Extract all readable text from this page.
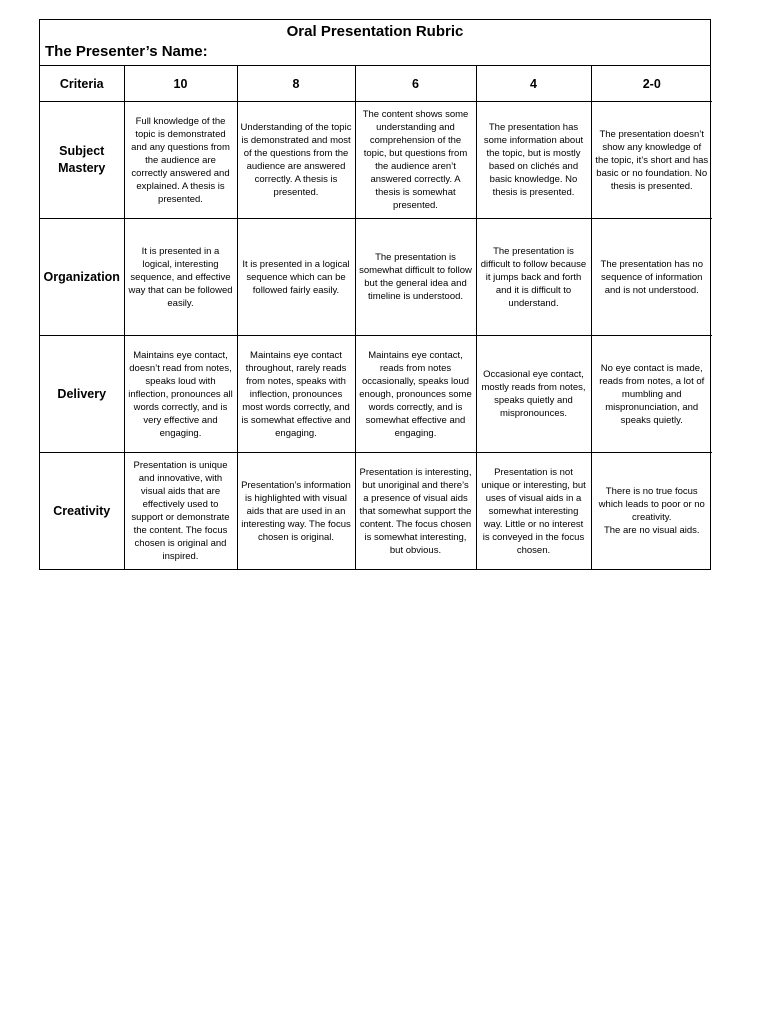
Oral Presentation Rubric
The Presenter’s Name:
Criteria	10	8	6	4	2-0
Subject Mastery	Full knowledge of the topic is demonstrated and any questions from the audience are correctly answered and explained. A thesis is presented.	Understanding of the topic is demonstrated and most of the questions from the audience are answered correctly. A thesis is presented.	The content shows some understanding and comprehension of the topic, but questions from the audience aren’t answered correctly. A thesis is somewhat presented.	The presentation has some information about the topic, but is mostly based on clichés and basic knowledge. No thesis is presented.	The presentation doesn’t show any knowledge of the topic, it’s short and has basic or no foundation. No thesis is presented.
Organization	It is presented in a logical, interesting sequence, and effective way that can be followed easily.	It is presented in a logical sequence which can be followed fairly easily.	The presentation is somewhat difficult to follow but the general idea and timeline is understood.	The presentation is difficult to follow because it jumps back and forth and it is difficult to understand.	The presentation has no sequence of information and is not understood.
Delivery	Maintains eye contact, doesn’t read from notes, speaks loud with inflection, pronounces all words correctly, and is very effective and engaging.	Maintains eye contact throughout, rarely reads from notes, speaks with inflection, pronounces most words correctly, and is somewhat effective and engaging.	Maintains eye contact, reads from notes occasionally, speaks loud enough, pronounces some words correctly, and is somewhat effective and engaging.	Occasional eye contact, mostly reads from notes, speaks quietly and mispronounces.	No eye contact is made, reads from notes, a lot of mumbling and mispronunciation, and speaks quietly.
Creativity	Presentation is unique and innovative, with visual aids that are effectively used to support or demonstrate the content. The focus chosen is original and inspired.	Presentation’s information is highlighted with visual aids that are used in an interesting way. The focus chosen is original.	Presentation is interesting, but unoriginal and there’s a presence of visual aids that somewhat support the content. The focus chosen is somewhat interesting, but obvious.	Presentation is not unique or interesting, but uses of visual aids in a somewhat interesting way. Little or no interest is conveyed in the focus chosen.	There is no true focus which leads to poor or no creativity.
The are no visual aids.
